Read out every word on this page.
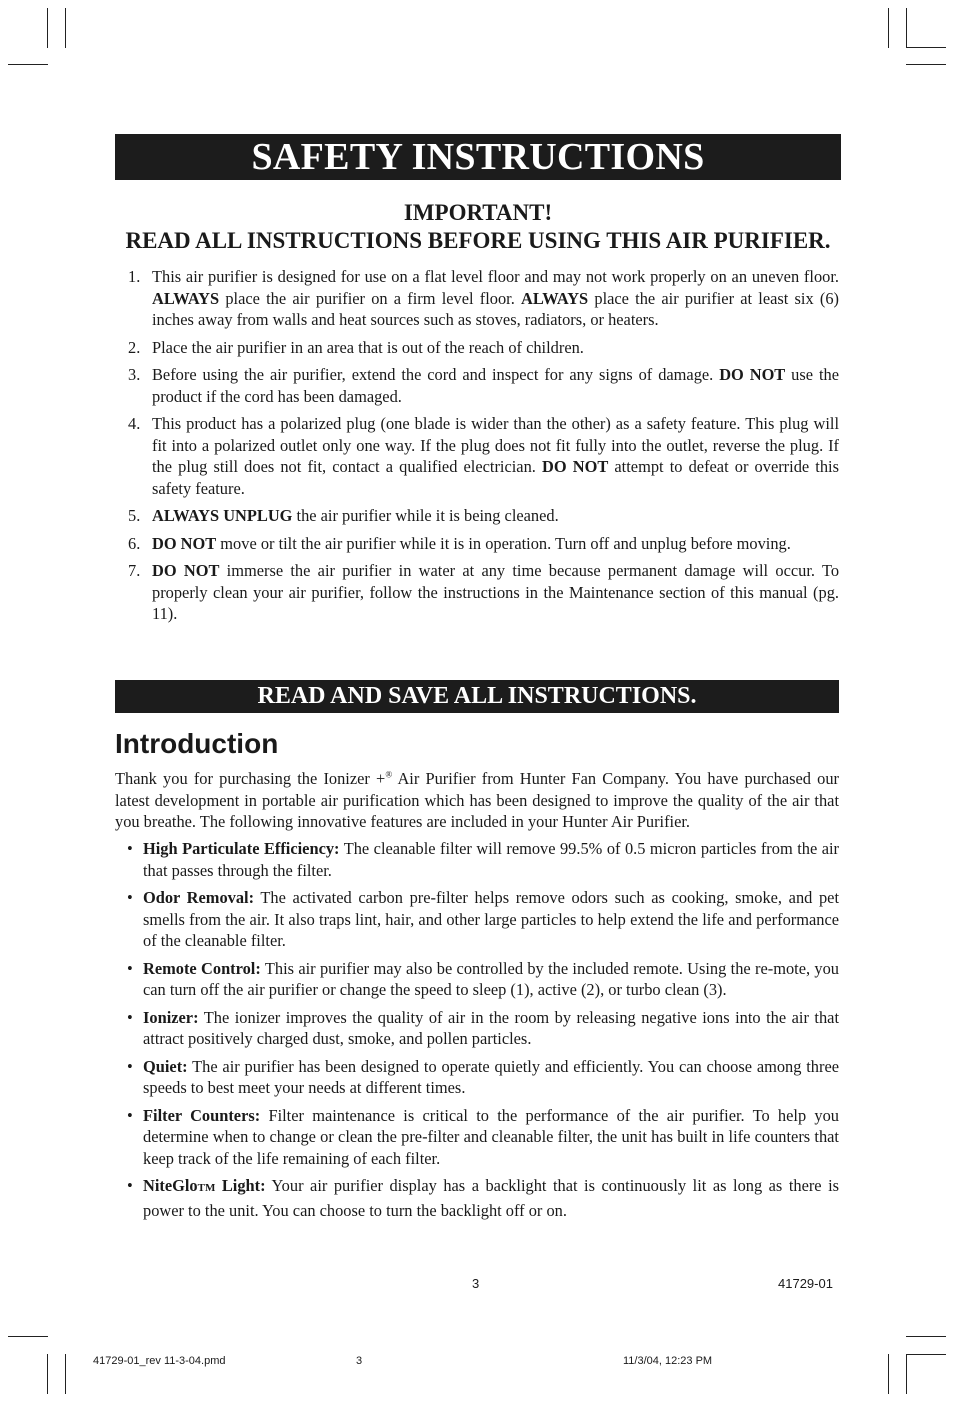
SAFETY INSTRUCTIONS
IMPORTANT!
READ ALL INSTRUCTIONS BEFORE USING THIS AIR PURIFIER.
1. This air purifier is designed for use on a flat level floor and may not work properly on an uneven floor. ALWAYS place the air purifier on a firm level floor. ALWAYS place the air purifier at least six (6) inches away from walls and heat sources such as stoves, radiators, or heaters.
2. Place the air purifier in an area that is out of the reach of children.
3. Before using the air purifier, extend the cord and inspect for any signs of damage. DO NOT use the product if the cord has been damaged.
4. This product has a polarized plug (one blade is wider than the other) as a safety feature. This plug will fit into a polarized outlet only one way. If the plug does not fit fully into the outlet, reverse the plug. If the plug still does not fit, contact a qualified electrician. DO NOT attempt to defeat or override this safety feature.
5. ALWAYS UNPLUG the air purifier while it is being cleaned.
6. DO NOT move or tilt the air purifier while it is in operation. Turn off and unplug before moving.
7. DO NOT immerse the air purifier in water at any time because permanent damage will occur. To properly clean your air purifier, follow the instructions in the Maintenance section of this manual (pg. 11).
READ AND SAVE ALL INSTRUCTIONS.
Introduction

Thank you for purchasing the Ionizer +® Air Purifier from Hunter Fan Company. You have purchased our latest development in portable air purification which has been designed to improve the quality of the air that you breathe. The following innovative features are included in your Hunter Air Purifier.

• High Particulate Efficiency: The cleanable filter will remove 99.5% of 0.5 micron particles from the air that passes through the filter.
• Odor Removal: The activated carbon pre-filter helps remove odors such as cooking, smoke, and pet smells from the air. It also traps lint, hair, and other large particles to help extend the life and performance of the cleanable filter.
• Remote Control: This air purifier may also be controlled by the included remote. Using the re-mote, you can turn off the air purifier or change the speed to sleep (1), active (2), or turbo clean (3).
• Ionizer: The ionizer improves the quality of air in the room by releasing negative ions into the air that attract positively charged dust, smoke, and pollen particles.
• Quiet: The air purifier has been designed to operate quietly and efficiently. You can choose among three speeds to best meet your needs at different times.
• Filter Counters: Filter maintenance is critical to the performance of the air purifier. To help you determine when to change or clean the pre-filter and cleanable filter, the unit has built in life counters that keep track of the life remaining of each filter.
• NiteGloTM Light: Your air purifier display has a backlight that is continuously lit as long as there is power to the unit. You can choose to turn the backlight off or on.
3	41729-01
41729-01_rev 11-3-04.pmd	3	11/3/04, 12:23 PM
